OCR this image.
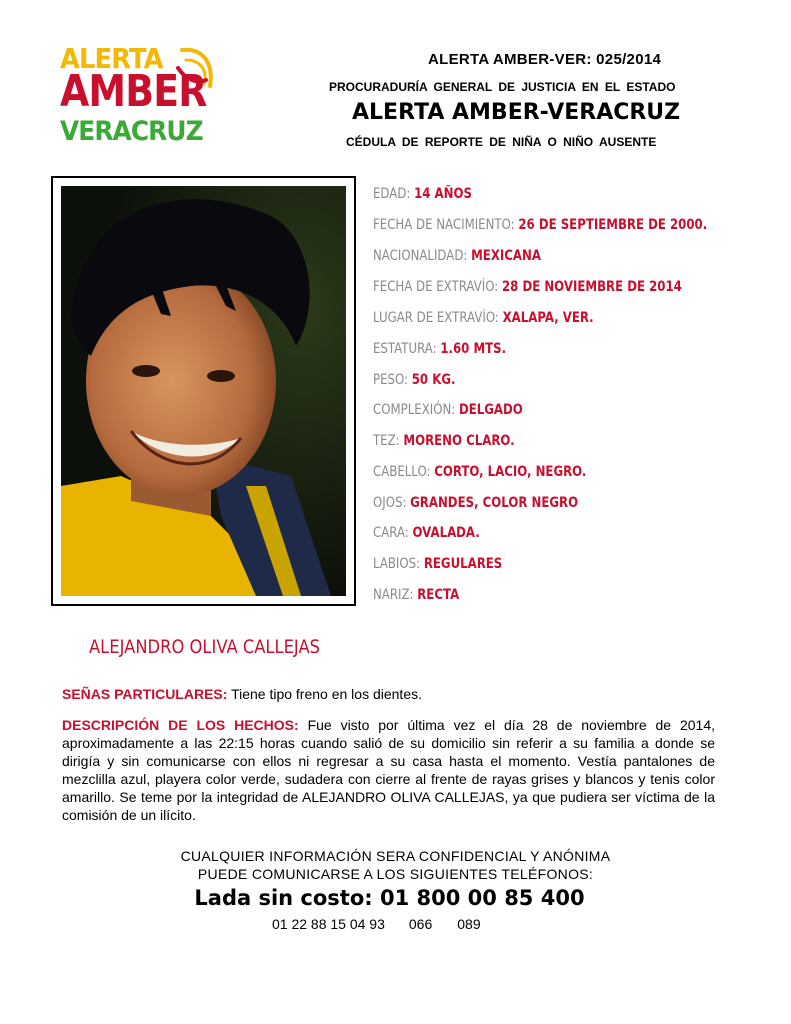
ALERTA
AMBER
VERACRUZ
ALERTA AMBER-VER: 025/2014
PROCURADURÍA GENERAL DE JUSTICIA EN EL ESTADO
ALERTA AMBER-VERACRUZ
CÉDULA DE REPORTE DE NIÑA O NIÑO AUSENTE
EDAD: 14 AÑOS
FECHA DE NACIMIENTO: 26 DE SEPTIEMBRE DE 2000.
NACIONALIDAD: MEXICANA
FECHA DE EXTRAVÍO: 28 DE NOVIEMBRE DE 2014
LUGAR DE EXTRAVÍO: XALAPA, VER.
ESTATURA: 1.60 MTS.
PESO: 50 KG.
COMPLEXIÓN: DELGADO
TEZ: MORENO CLARO.
CABELLO: CORTO, LACIO, NEGRO.
OJOS: GRANDES, COLOR NEGRO
CARA: OVALADA.
LABIOS: REGULARES
NARIZ: RECTA
ALEJANDRO OLIVA CALLEJAS
SEÑAS PARTICULARES: Tiene tipo freno en los dientes.
DESCRIPCIÓN DE LOS HECHOS: Fue visto por última vez el día 28 de noviembre de 2014, aproximadamente a las 22:15 horas cuando salió de su domicilio sin referir a su familia a donde se dirigía y sin comunicarse con ellos ni regresar a su casa hasta el momento. Vestía pantalones de mezclilla azul, playera color verde, sudadera con cierre al frente de rayas grises y blancos y tenis color amarillo. Se teme por la integridad de ALEJANDRO OLIVA CALLEJAS, ya que pudiera ser víctima de la comisión de un ilícito.
CUALQUIER INFORMACIÓN SERA CONFIDENCIAL Y ANÓNIMA
PUEDE COMUNICARSE A LOS SIGUIENTES TELÉFONOS:
Lada sin costo: 01 800 00 85 400
01 22 88 15 04 93 066 089
